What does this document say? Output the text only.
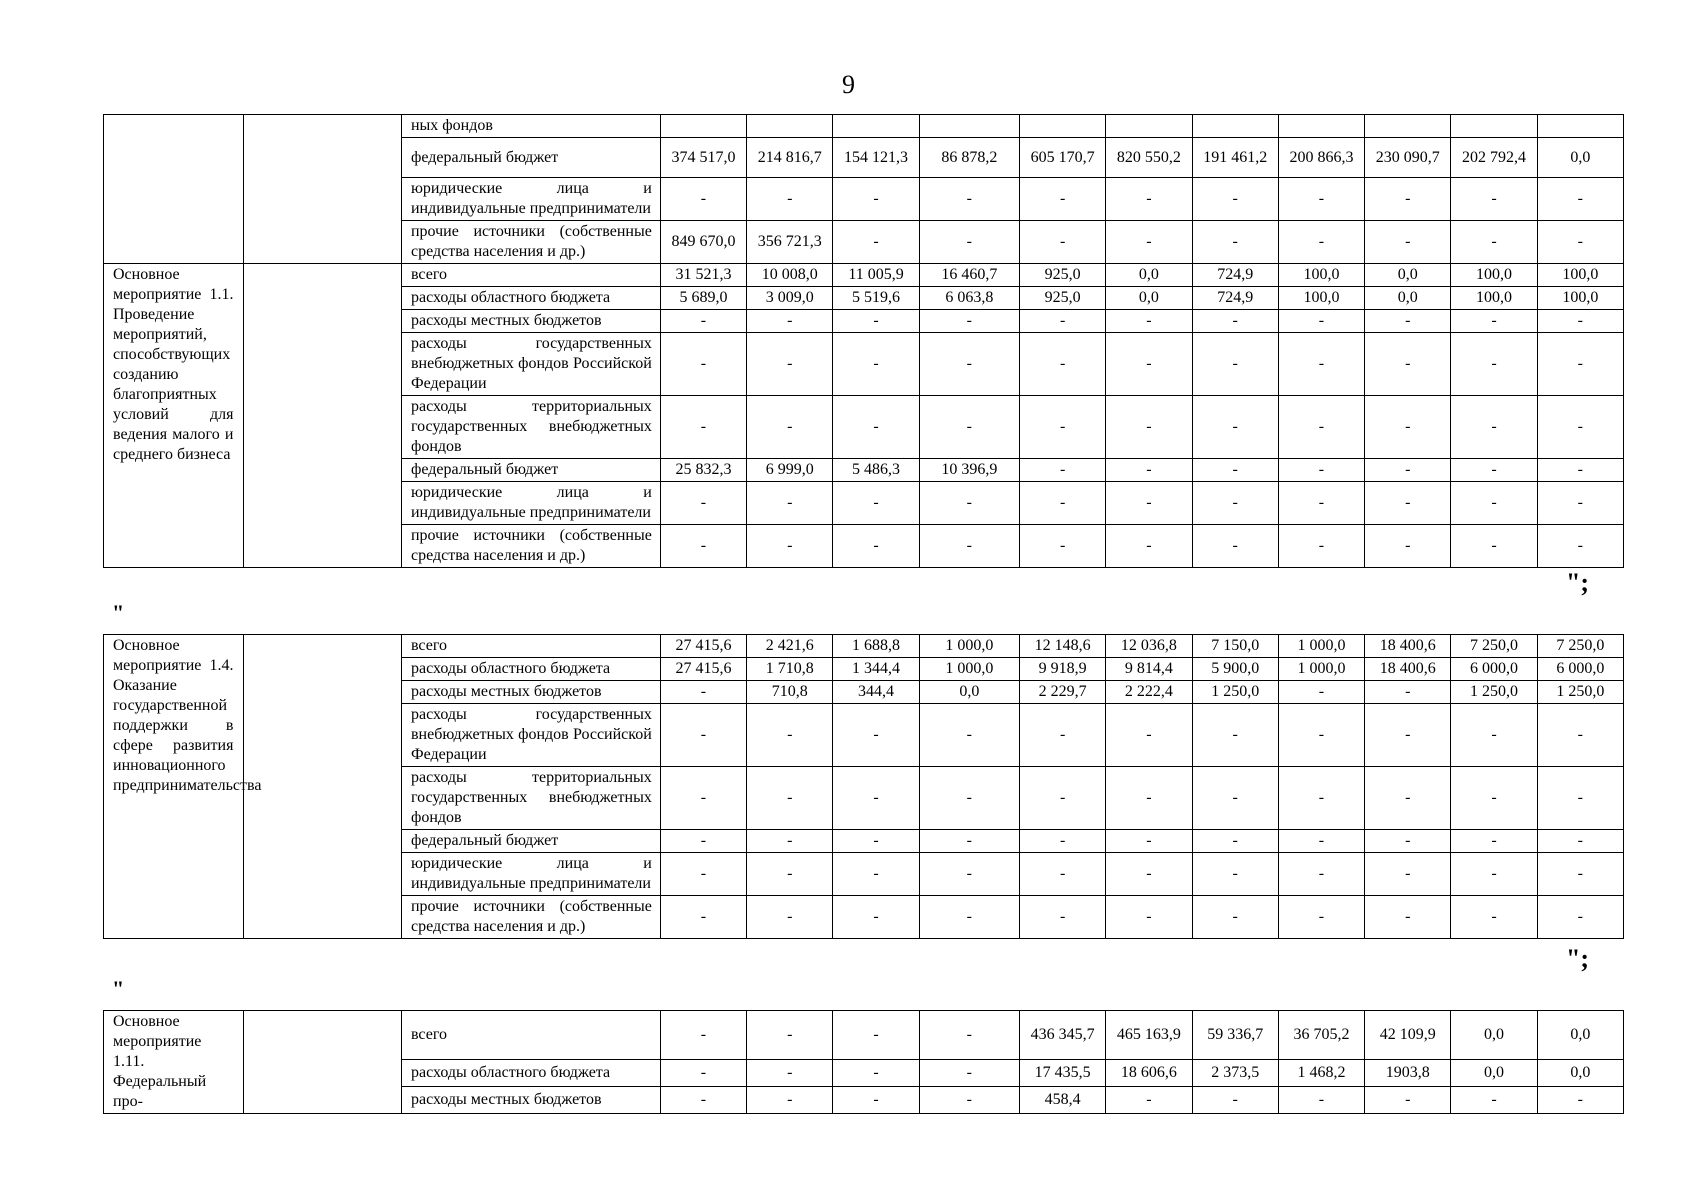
9
		ных фондов											
		федеральный бюджет	374 517,0	214 816,7	154 121,3	86 878,2	605 170,7	820 550,2	191 461,2	200 866,3	230 090,7	202 792,4	0,0
		юридические лица и индивидуальные предприниматели	-	-	-	-	-	-	-	-	-	-	-
		прочие источники (собственные средства населения и др.)	849 670,0	356 721,3	-	-	-	-	-	-	-	-	-
Основное мероприятие 1.1. Проведение мероприятий, способствующих созданию благоприятных условий для ведения малого и среднего бизнеса		всего	31 521,3	10 008,0	11 005,9	16 460,7	925,0	0,0	724,9	100,0	0,0	100,0	100,0
		расходы областного бюджета	5 689,0	3 009,0	5 519,6	6 063,8	925,0	0,0	724,9	100,0	0,0	100,0	100,0
		расходы местных бюджетов	-	-	-	-	-	-	-	-	-	-	-
		расходы государственных внебюджетных фондов Российской Федерации	-	-	-	-	-	-	-	-	-	-	-
		расходы территориальных государственных внебюджетных фондов	-	-	-	-	-	-	-	-	-	-	-
		федеральный бюджет	25 832,3	6 999,0	5 486,3	10 396,9	-	-	-	-	-	-	-
		юридические лица и индивидуальные предприниматели	-	-	-	-	-	-	-	-	-	-	-
		прочие источники (собственные средства населения и др.)	-	-	-	-	-	-	-	-	-	-	-
";
"
Основное мероприятие 1.4. Оказание государственной поддержки в сфере развития инновационного предпринимательства		всего	27 415,6	2 421,6	1 688,8	1 000,0	12 148,6	12 036,8	7 150,0	1 000,0	18 400,6	7 250,0	7 250,0
		расходы областного бюджета	27 415,6	1 710,8	1 344,4	1 000,0	9 918,9	9 814,4	5 900,0	1 000,0	18 400,6	6 000,0	6 000,0
		расходы местных бюджетов	-	710,8	344,4	0,0	2 229,7	2 222,4	1 250,0	-	-	1 250,0	1 250,0
		расходы государственных внебюджетных фондов Российской Федерации	-	-	-	-	-	-	-	-	-	-	-
		расходы территориальных государственных внебюджетных фондов	-	-	-	-	-	-	-	-	-	-	-
		федеральный бюджет	-	-	-	-	-	-	-	-	-	-	-
		юридические лица и индивидуальные предприниматели	-	-	-	-	-	-	-	-	-	-	-
		прочие источники (собственные средства населения и др.)	-	-	-	-	-	-	-	-	-	-	-
";
"
Основное мероприятие 1.11. Федеральный про-		всего	-	-	-	-	436 345,7	465 163,9	59 336,7	36 705,2	42 109,9	0,0	0,0
		расходы областного бюджета	-	-	-	-	17 435,5	18 606,6	2 373,5	1 468,2	1903,8	0,0	0,0
		расходы местных бюджетов	-	-	-	-	458,4	-	-	-	-	-	-
